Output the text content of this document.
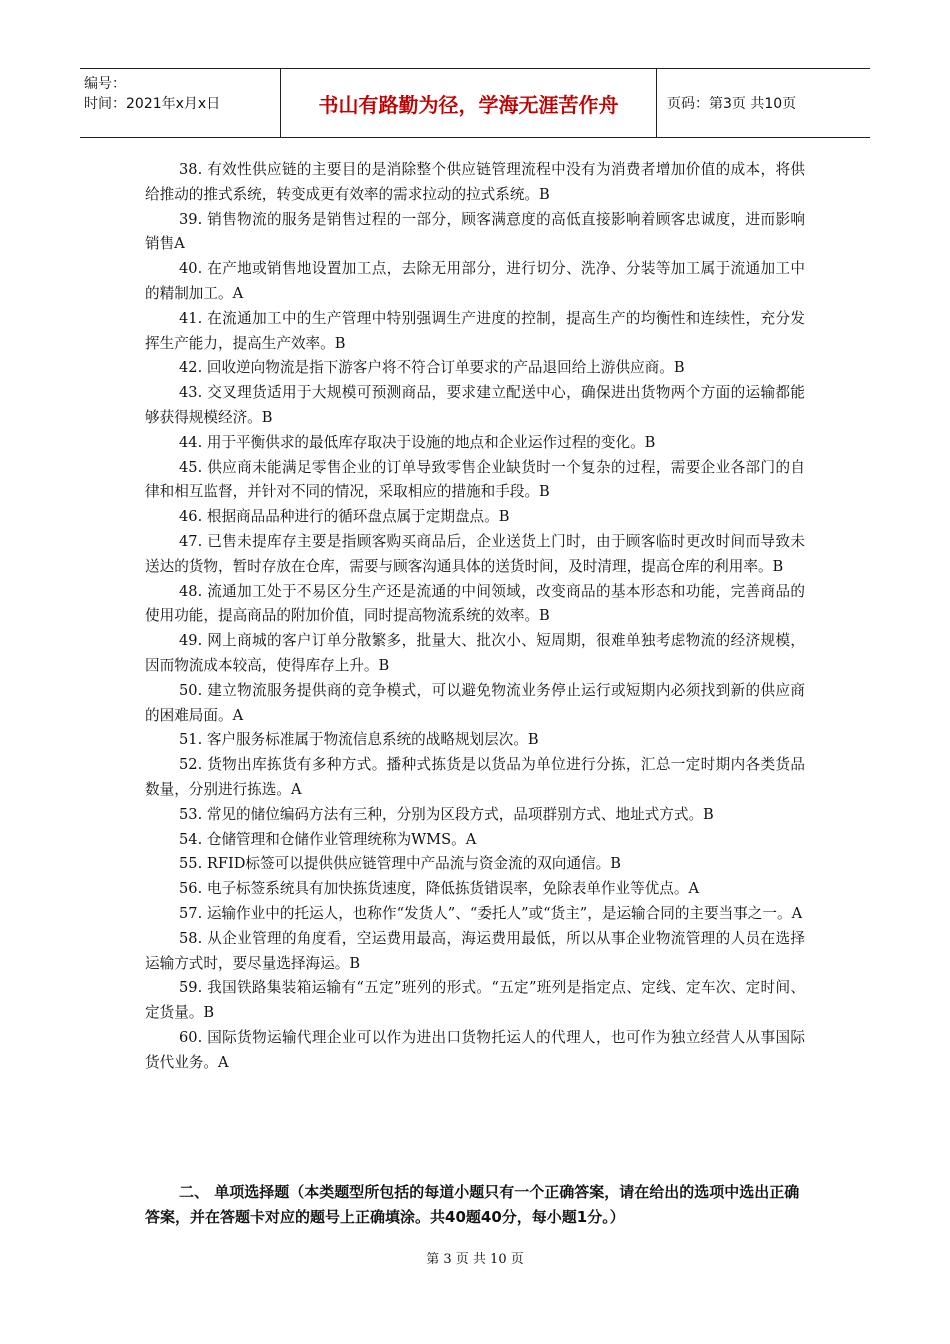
编号：
时间：2021年x月x日	书山有路勤为径，学海无涯苦作舟	页码：第3页 共10页

38. 有效性供应链的主要目的是消除整个供应链管理流程中没有为消费者增加价值的成本，将供给推动的推式系统，转变成更有效率的需求拉动的拉式系统。B

39. 销售物流的服务是销售过程的一部分，顾客满意度的高低直接影响着顾客忠诚度，进而影响销售A

40. 在产地或销售地设置加工点，去除无用部分，进行切分、洗净、分装等加工属于流通加工中的精制加工。A

41. 在流通加工中的生产管理中特别强调生产进度的控制，提高生产的均衡性和连续性，充分发挥生产能力，提高生产效率。B

42. 回收逆向物流是指下游客户将不符合订单要求的产品退回给上游供应商。B

43. 交叉理货适用于大规模可预测商品，要求建立配送中心，确保进出货物两个方面的运输都能够获得规模经济。B

44. 用于平衡供求的最低库存取决于设施的地点和企业运作过程的变化。B

45. 供应商未能满足零售企业的订单导致零售企业缺货时一个复杂的过程，需要企业各部门的自律和相互监督，并针对不同的情况，采取相应的措施和手段。B

46. 根据商品品种进行的循环盘点属于定期盘点。B

47. 已售未提库存主要是指顾客购买商品后，企业送货上门时，由于顾客临时更改时间而导致未送达的货物，暂时存放在仓库，需要与顾客沟通具体的送货时间，及时清理，提高仓库的利用率。B

48. 流通加工处于不易区分生产还是流通的中间领域，改变商品的基本形态和功能，完善商品的使用功能，提高商品的附加价值，同时提高物流系统的效率。B

49. 网上商城的客户订单分散繁多，批量大、批次小、短周期，很难单独考虑物流的经济规模，因而物流成本较高，使得库存上升。B

50. 建立物流服务提供商的竞争模式，可以避免物流业务停止运行或短期内必须找到新的供应商的困难局面。A

51. 客户服务标准属于物流信息系统的战略规划层次。B

52. 货物出库拣货有多种方式。播种式拣货是以货品为单位进行分拣，汇总一定时期内各类货品数量，分别进行拣选。A

53. 常见的储位编码方法有三种，分别为区段方式，品项群别方式、地址式方式。B

54. 仓储管理和仓储作业管理统称为WMS。A

55. RFID标签可以提供供应链管理中产品流与资金流的双向通信。B

56. 电子标签系统具有加快拣货速度，降低拣货错误率，免除表单作业等优点。A

57. 运输作业中的托运人，也称作“发货人”、“委托人”或“货主”，是运输合同的主要当事之一。A

58. 从企业管理的角度看，空运费用最高，海运费用最低，所以从事企业物流管理的人员在选择运输方式时，要尽量选择海运。B

59. 我国铁路集装箱运输有“五定”班列的形式。“五定”班列是指定点、定线、定车次、定时间、定货量。B

60. 国际货物运输代理企业可以作为进出口货物托运人的代理人，也可作为独立经营人从事国际货代业务。A

二、 单项选择题（本类题型所包括的每道小题只有一个正确答案，请在给出的选项中选出正确答案，并在答题卡对应的题号上正确填涂。共40题40分，每小题1分。）
第 3 页 共 10 页
